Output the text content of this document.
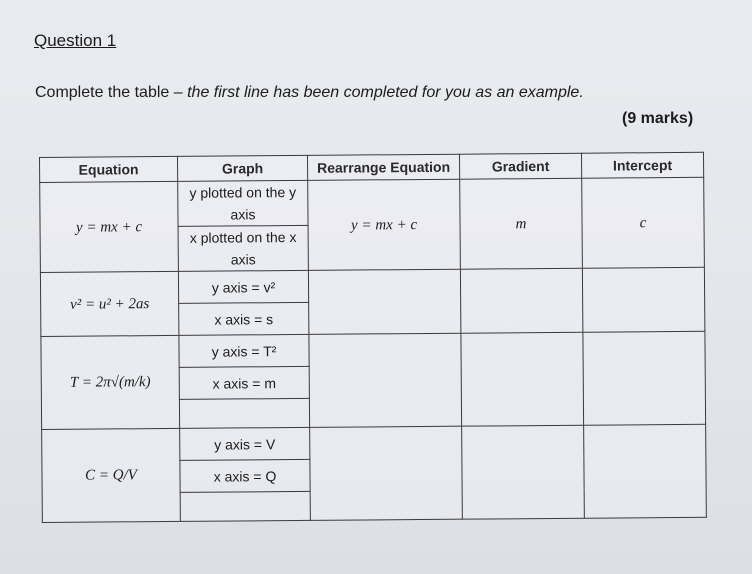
Question 1

Complete the table – the first line has been completed for you as an example.

(9 marks)
Equation	Graph	Rearrange Equation	Gradient	Intercept
y = mx + c	y plotted on the y axis	y = mx + c	m	c
	x plotted on the x axis			
v² = u² + 2as	y axis = v²			
	x axis = s			
T = 2π√(m/k)	y axis = T²			
	x axis = m			

C = Q/V	y axis = V			
	x axis = Q			
